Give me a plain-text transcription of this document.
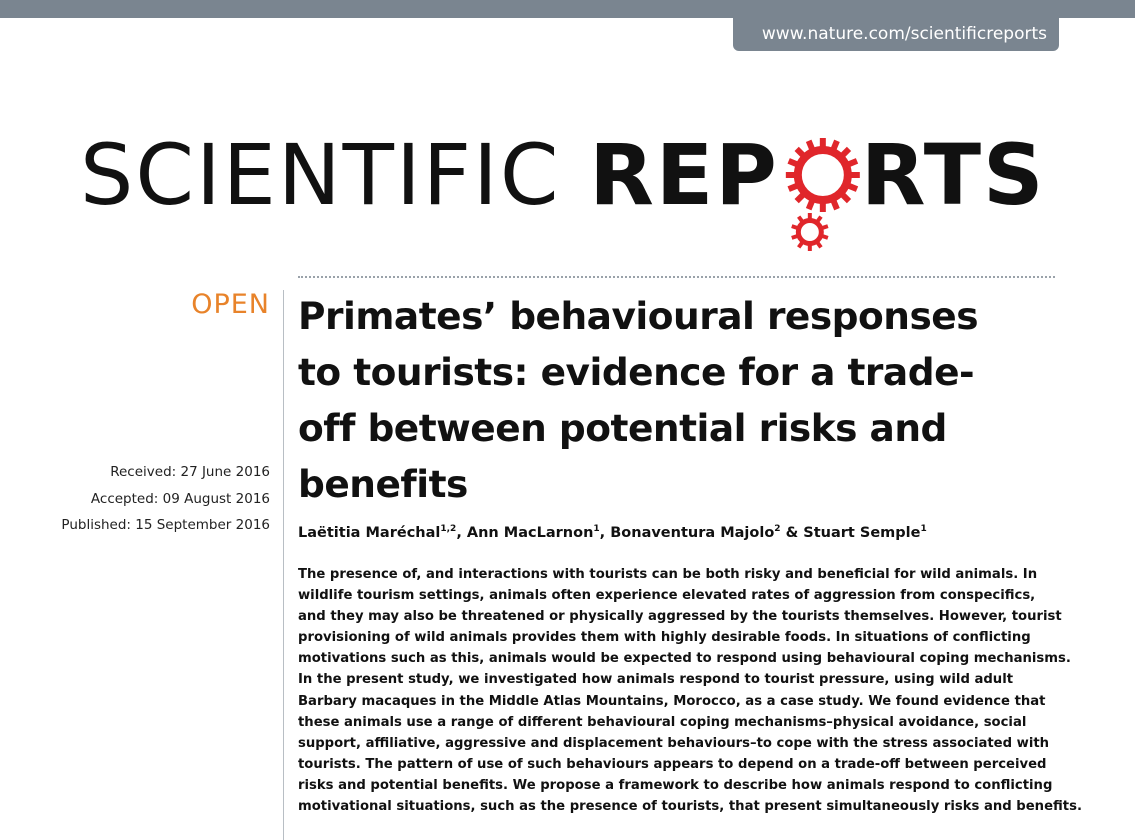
www.nature.com/scientificreports
SCIENTIFIC REP RTS
OPEN Primates’ behavioural responses
to tourists: evidence for a trade-
off between potential risks and
benefits
Received: 27 June 2016
Accepted: 09 August 2016
Published: 15 September 2016 Laëtitia Maréchal$^{1,2}$, Ann MacLarnon$^1$, Bonaventura Majolo$^2$ & Stuart Semple$^1$

The presence of, and interactions with tourists can be both risky and beneficial for wild animals. In
wildlife tourism settings, animals often experience elevated rates of aggression from conspecifics,
and they may also be threatened or physically aggressed by the tourists themselves. However, tourist
provisioning of wild animals provides them with highly desirable foods. In situations of conflicting
motivations such as this, animals would be expected to respond using behavioural coping mechanisms.
In the present study, we investigated how animals respond to tourist pressure, using wild adult
Barbary macaques in the Middle Atlas Mountains, Morocco, as a case study. We found evidence that
these animals use a range of different behavioural coping mechanisms–physical avoidance, social
support, affiliative, aggressive and displacement behaviours–to cope with the stress associated with
tourists. The pattern of use of such behaviours appears to depend on a trade-off between perceived
risks and potential benefits. We propose a framework to describe how animals respond to conflicting
motivational situations, such as the presence of tourists, that present simultaneously risks and benefits.
